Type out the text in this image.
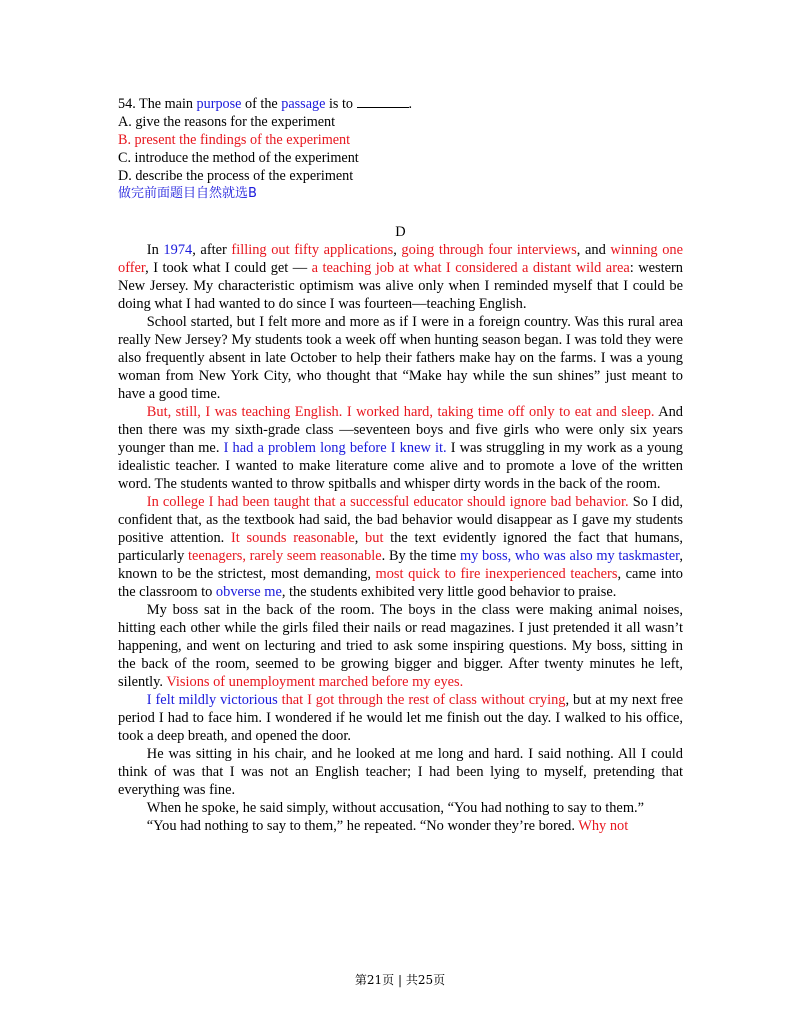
54. The main purpose of the passage is to	.
A. give the reasons for the experiment
B. present the findings of the experiment
C. introduce the method of the experiment
D. describe the process of the experiment
做完前面题目自然就选B
D

In 1974, after filling out fifty applications, going through four interviews, and winning one offer, I took what I could get — a teaching job at what I considered a distant wild area: western New Jersey. My characteristic optimism was alive only when I reminded myself that I could be doing what I had wanted to do since I was fourteen—teaching English.

School started, but I felt more and more as if I were in a foreign country. Was this rural area really New Jersey? My students took a week off when hunting season began. I was told they were also frequently absent in late October to help their fathers make hay on the farms. I was a young woman from New York City, who thought that “Make hay while the sun shines” just meant to have a good time.

But, still, I was teaching English. I worked hard, taking time off only to eat and sleep. And then there was my sixth-grade class —seventeen boys and five girls who were only six years younger than me. I had a problem long before I knew it. I was struggling in my work as a young idealistic teacher. I wanted to make literature come alive and to promote a love of the written word. The students wanted to throw spitballs and whisper dirty words in the back of the room.

In college I had been taught that a successful educator should ignore bad behavior. So I did, confident that, as the textbook had said, the bad behavior would disappear as I gave my students positive attention. It sounds reasonable, but the text evidently ignored the fact that humans, particularly teenagers, rarely seem reasonable. By the time my boss, who was also my taskmaster, known to be the strictest, most demanding, most quick to fire inexperienced teachers, came into the classroom to obverse me, the students exhibited very little good behavior to praise.

My boss sat in the back of the room. The boys in the class were making animal noises, hitting each other while the girls filed their nails or read magazines. I just pretended it all wasn’t happening, and went on lecturing and tried to ask some inspiring questions. My boss, sitting in the back of the room, seemed to be growing bigger and bigger. After twenty minutes he left, silently. Visions of unemployment marched before my eyes.

I felt mildly victorious that I got through the rest of class without crying, but at my next free period I had to face him. I wondered if he would let me finish out the day. I walked to his office, took a deep breath, and opened the door.

He was sitting in his chair, and he looked at me long and hard. I said nothing. All I could think of was that I was not an English teacher; I had been lying to myself, pretending that everything was fine.

When he spoke, he said simply, without accusation, “You had nothing to say to them.”

“You had nothing to say to them,” he repeated. “No wonder they’re bored. Why not

第21页 | 共25页
